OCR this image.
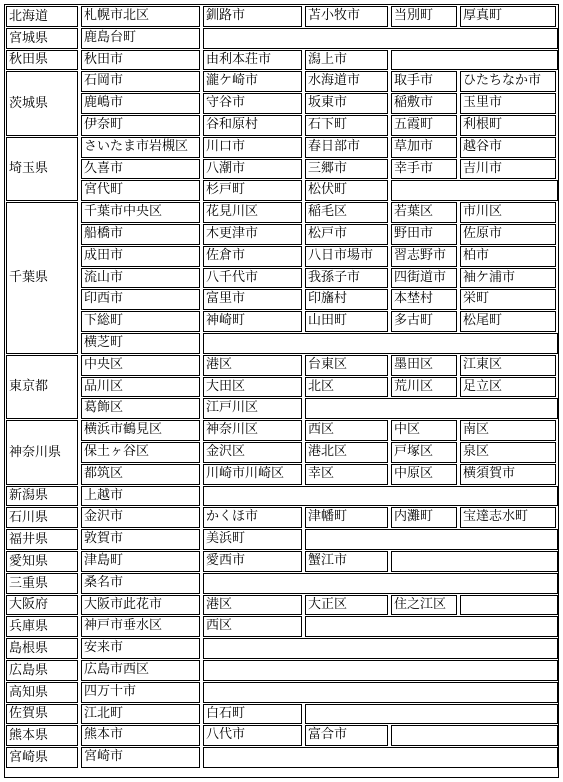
北海道	札幌市北区	釧路市	苫小牧市	当別町	厚真町
宮城県	鹿島台町
秋田県	秋田市	由利本荘市	潟上市
茨城県
石岡市	瀧ケ崎市	水海道市	取手市	ひたちなか市
鹿嶋市	守谷市	坂東市	稲敷市	玉里市
伊奈町	谷和原村	石下町	五霞町	利根町
埼玉県
さいたま市岩槻区	川口市	春日部市	草加市	越谷市
久喜市	八潮市	三郷市	幸手市	吉川市
宮代町	杉戸町	松伏町
千葉県
千葉市中央区	花見川区	稲毛区	若葉区	市川区
船橋市	木更津市	松戸市	野田市	佐原市
成田市	佐倉市	八日市場市	習志野市	柏市
流山市	八千代市	我孫子市	四街道市	袖ケ浦市
印西市	富里市	印旛村	本埜村	栄町
下総町	神崎町	山田町	多古町	松尾町
横芝町
東京都
中央区	港区	台東区	墨田区	江東区
品川区	大田区	北区	荒川区	足立区
葛飾区	江戸川区
神奈川県
横浜市鶴見区	神奈川区	西区	中区	南区
保土ヶ谷区	金沢区	港北区	戸塚区	泉区
都筑区	川崎市川崎区	幸区	中原区	横須賀市
新潟県	上越市
石川県	金沢市	かくほ市	津幡町	内灘町	宝達志水町
福井県	敦賀市	美浜町
愛知県	津島町	愛西市	蟹江市
三重県	桑名市
大阪府	大阪市此花市	港区	大正区	住之江区
兵庫県	神戸市垂水区	西区
島根県	安来市
広島県	広島市西区
高知県	四万十市
佐賀県	江北町	白石町
熊本県	熊本市	八代市	富合市
宮崎県	宮崎市
